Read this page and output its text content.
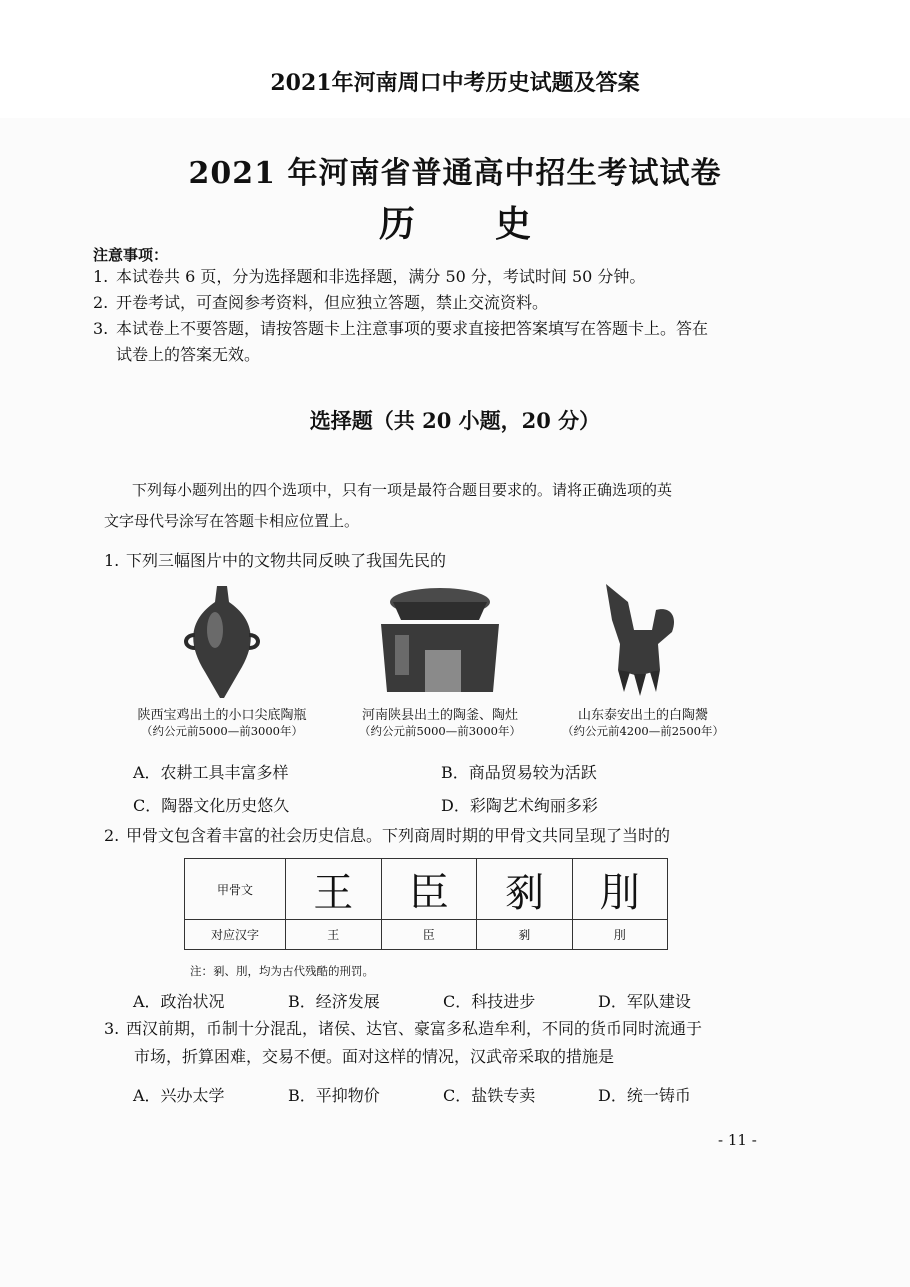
2021年河南周口中考历史试题及答案
2021 年河南省普通高中招生考试试卷
历 史
注意事项：
1. 本试卷共 6 页，分为选择题和非选择题，满分 50 分，考试时间 50 分钟。
2. 开卷考试，可查阅参考资料，但应独立答题，禁止交流资料。
3. 本试卷上不要答题，请按答题卡上注意事项的要求直接把答案填写在答题卡上。答在
试卷上的答案无效。
选择题（共 20 小题，20 分）
下列每小题列出的四个选项中，只有一项是最符合题目要求的。请将正确选项的英
文字母代号涂写在答题卡相应位置上。
1. 下列三幅图片中的文物共同反映了我国先民的
陕西宝鸡出土的小口尖底陶瓶
（约公元前5000—前3000年）
河南陕县出土的陶釜、陶灶
（约公元前5000—前3000年）
山东泰安出土的白陶鬶
（约公元前4200—前2500年）
A．农耕工具丰富多样	B．商品贸易较为活跃
C．陶器文化历史悠久	D．彩陶艺术绚丽多彩
2. 甲骨文包含着丰富的社会历史信息。下列商周时期的甲骨文共同呈现了当时的
甲骨文	王	臣	剢	刖
对应汉字	王	臣	剢	刖
注：剢、刖，均为古代残酷的刑罚。
A．政治状况	B．经济发展	C．科技进步	D．军队建设
3. 西汉前期，币制十分混乱，诸侯、达官、豪富多私造牟利，不同的货币同时流通于
市场，折算困难，交易不便。面对这样的情况，汉武帝采取的措施是
A．兴办太学	B．平抑物价	C．盐铁专卖	D．统一铸币
- 11 -
